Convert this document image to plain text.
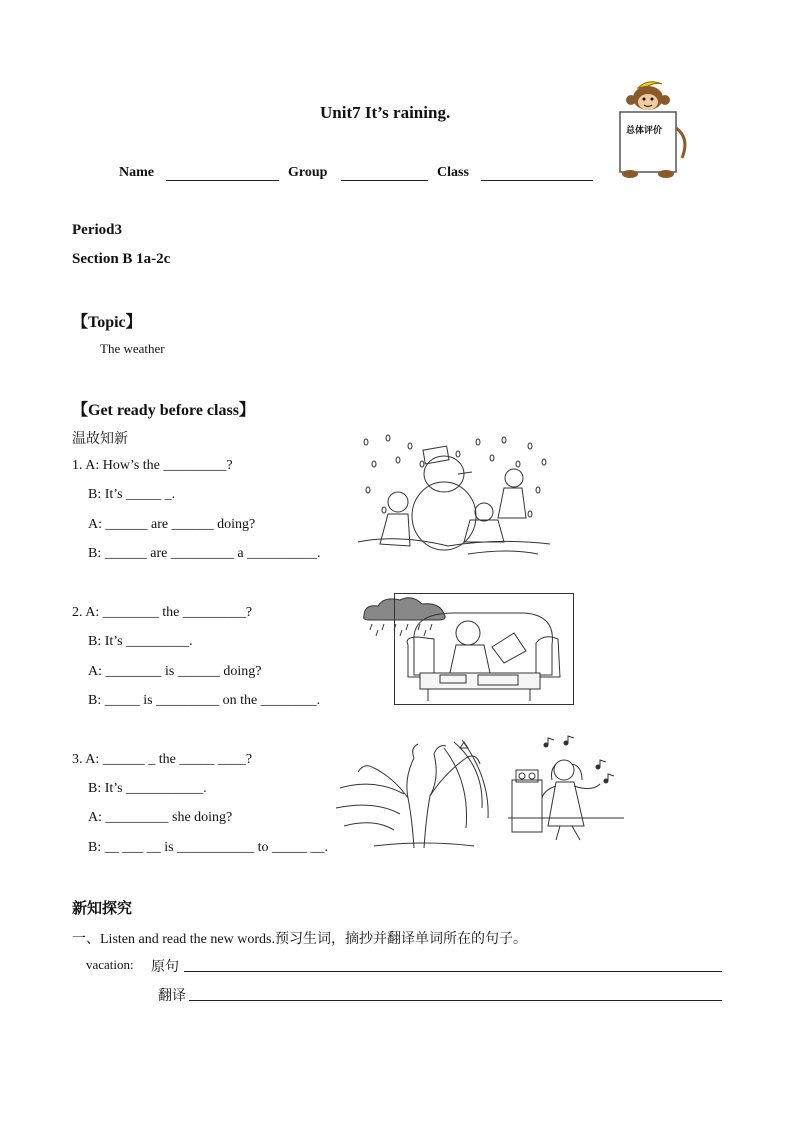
Unit7 It’s raining.
Name	Group	Class
总体评价
Period3
Section B 1a-2c
【Topic】
The weather
【Get ready before class】
温故知新
1. A: How’s the _________?
B: It’s _____ _.
A: ______ are ______ doing?
B: ______ are _________ a __________.
2. A: ________ the _________?
B: It’s _________.
A: ________ is ______ doing?
B: _____ is _________ on the ________.
3. A: ______ _ the _____ ____?
B: It’s ___________.
A: _________ she doing?
B: __ ___ __ is ___________ to _____ __.
新知探究
一、Listen and read the new words.预习生词，摘抄并翻译单词所在的句子。
vacation: 原句
翻译
